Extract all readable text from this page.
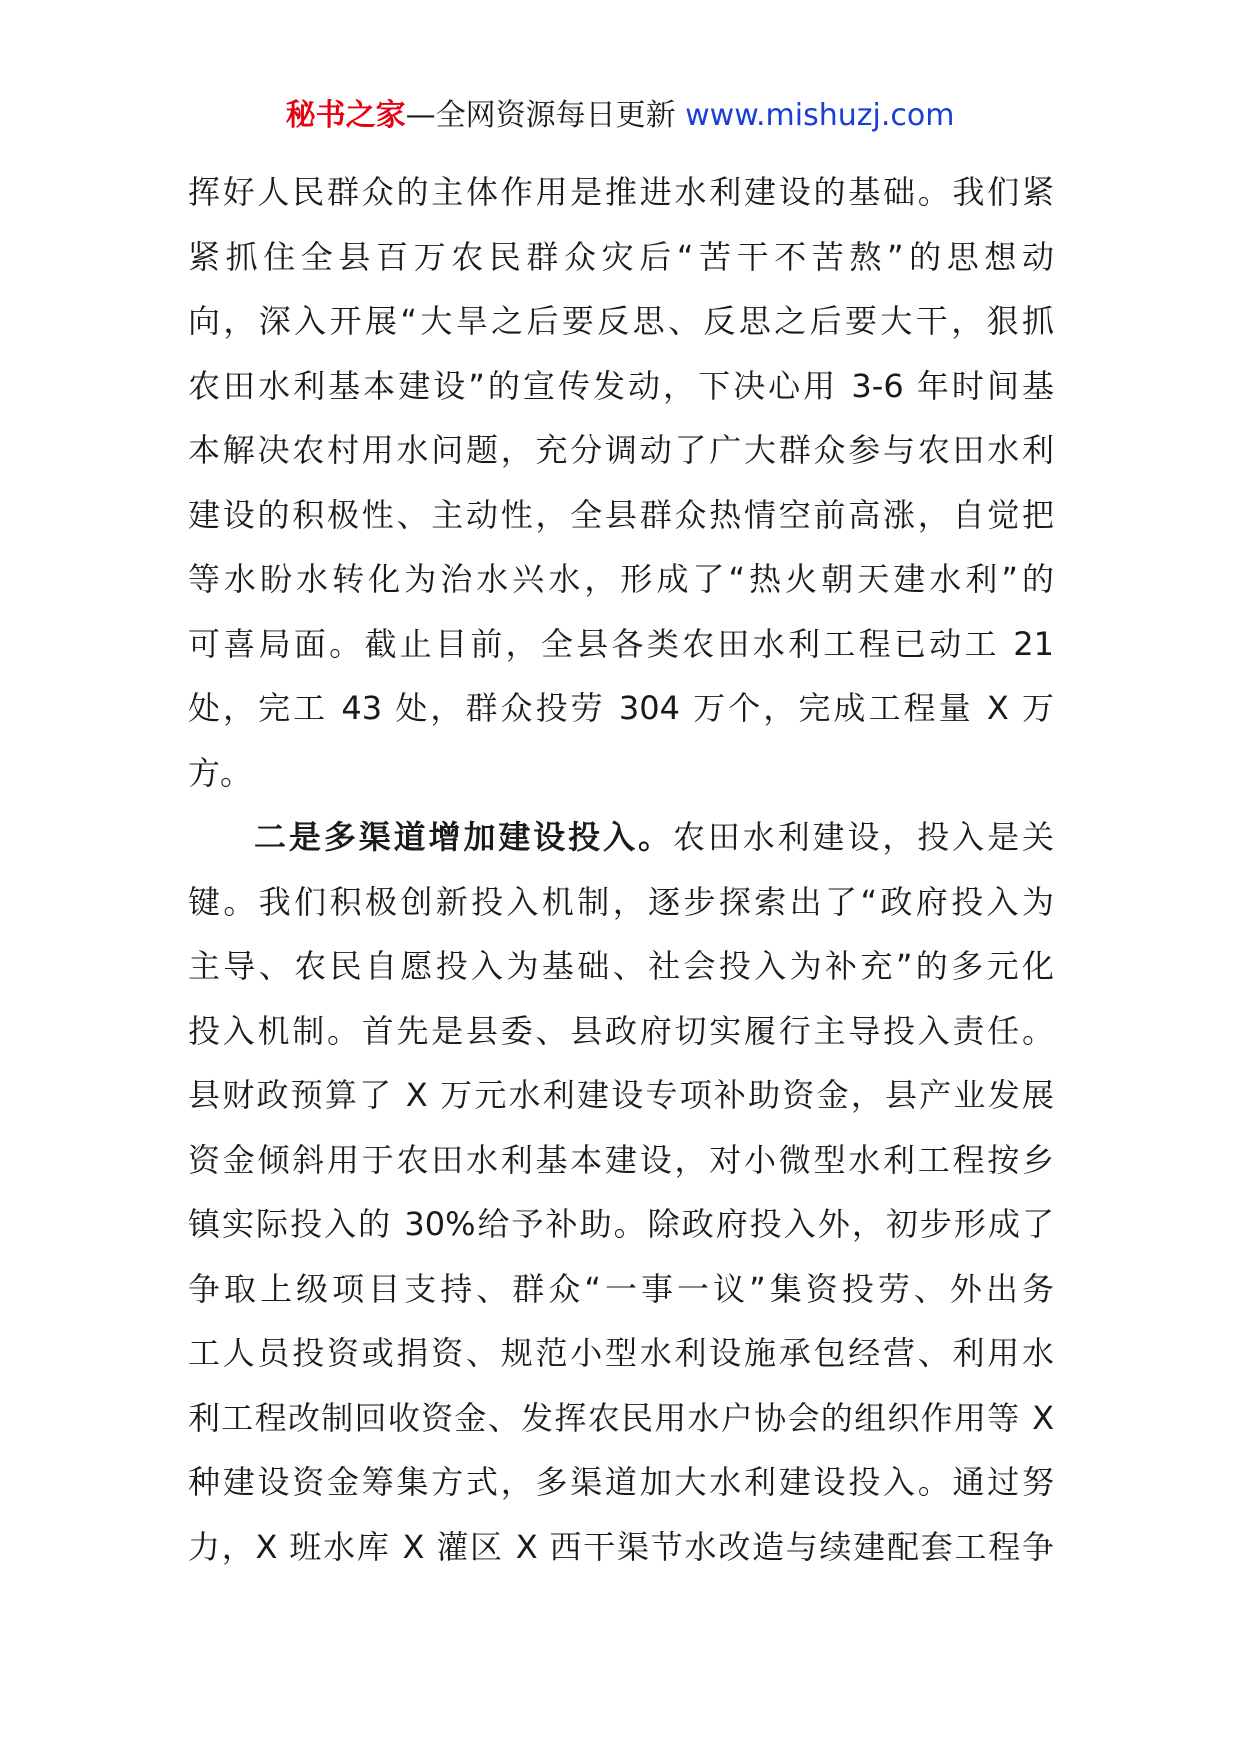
秘书之家—全网资源每日更新 www.mishuzj.com
挥好人民群众的主体作用是推进水利建设的基础。我们紧
紧抓住全县百万农民群众灾后“苦干不苦熬”的思想动
向，深入开展“大旱之后要反思、反思之后要大干，狠抓
农田水利基本建设”的宣传发动，下决心用 3-6 年时间基
本解决农村用水问题，充分调动了广大群众参与农田水利
建设的积极性、主动性，全县群众热情空前高涨，自觉把
等水盼水转化为治水兴水，形成了“热火朝天建水利”的
可喜局面。截止目前，全县各类农田水利工程已动工 21
处，完工 43 处，群众投劳 304 万个，完成工程量 X 万
方。
二是多渠道增加建设投入。农田水利建设，投入是关
键。我们积极创新投入机制，逐步探索出了“政府投入为
主导、农民自愿投入为基础、社会投入为补充”的多元化
投入机制。首先是县委、县政府切实履行主导投入责任。
县财政预算了 X 万元水利建设专项补助资金，县产业发展
资金倾斜用于农田水利基本建设，对小微型水利工程按乡
镇实际投入的 30%给予补助。除政府投入外，初步形成了
争取上级项目支持、群众“一事一议”集资投劳、外出务
工人员投资或捐资、规范小型水利设施承包经营、利用水
利工程改制回收资金、发挥农民用水户协会的组织作用等 X
种建设资金筹集方式，多渠道加大水利建设投入。通过努
力，X 班水库 X 灌区 X 西干渠节水改造与续建配套工程争
